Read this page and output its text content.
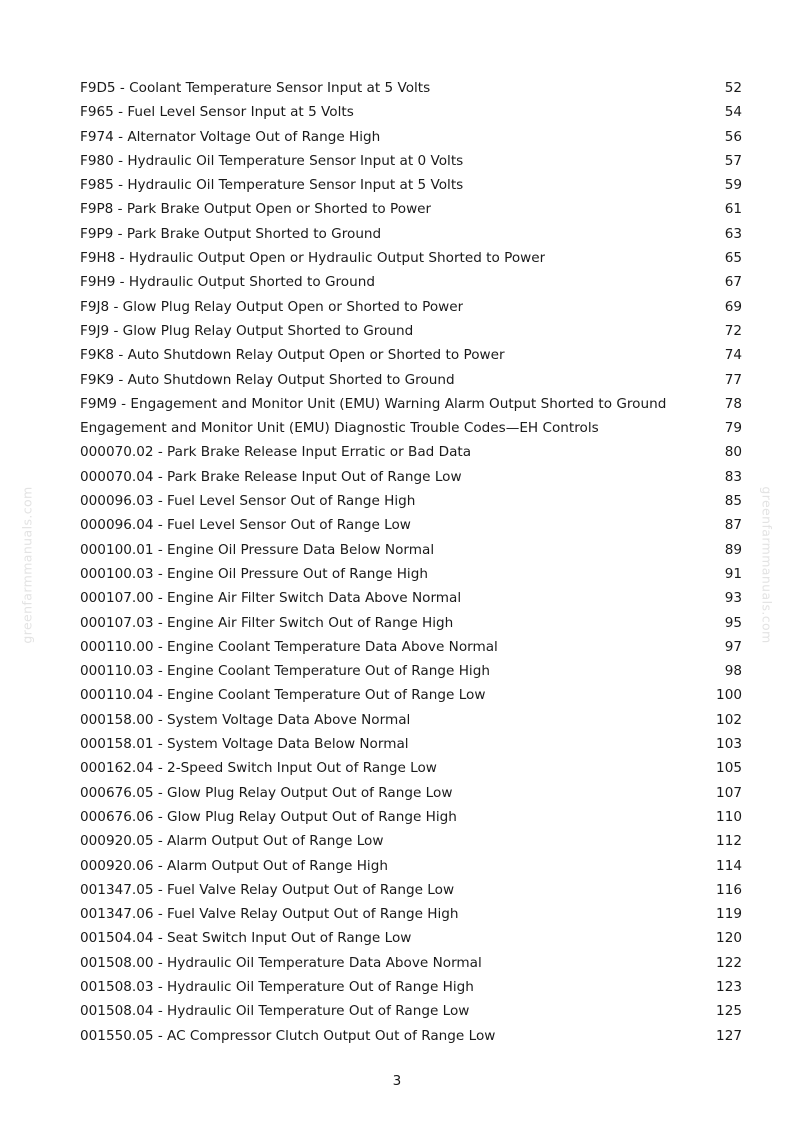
greenfarmmanuals.com	greenfarmmanuals.com
F9D5 - Coolant Temperature Sensor Input at 5 Volts	52
F965 - Fuel Level Sensor Input at 5 Volts	54
F974 - Alternator Voltage Out of Range High	56
F980 - Hydraulic Oil Temperature Sensor Input at 0 Volts	57
F985 - Hydraulic Oil Temperature Sensor Input at 5 Volts	59
F9P8 - Park Brake Output Open or Shorted to Power	61
F9P9 - Park Brake Output Shorted to Ground	63
F9H8 - Hydraulic Output Open or Hydraulic Output Shorted to Power	65
F9H9 - Hydraulic Output Shorted to Ground	67
F9J8 - Glow Plug Relay Output Open or Shorted to Power	69
F9J9 - Glow Plug Relay Output Shorted to Ground	72
F9K8 - Auto Shutdown Relay Output Open or Shorted to Power	74
F9K9 - Auto Shutdown Relay Output Shorted to Ground	77
F9M9 - Engagement and Monitor Unit (EMU) Warning Alarm Output Shorted to Ground	78
Engagement and Monitor Unit (EMU) Diagnostic Trouble Codes—EH Controls	79
000070.02 - Park Brake Release Input Erratic or Bad Data	80
000070.04 - Park Brake Release Input Out of Range Low	83
000096.03 - Fuel Level Sensor Out of Range High	85
000096.04 - Fuel Level Sensor Out of Range Low	87
000100.01 - Engine Oil Pressure Data Below Normal	89
000100.03 - Engine Oil Pressure Out of Range High	91
000107.00 - Engine Air Filter Switch Data Above Normal	93
000107.03 - Engine Air Filter Switch Out of Range High	95
000110.00 - Engine Coolant Temperature Data Above Normal	97
000110.03 - Engine Coolant Temperature Out of Range High	98
000110.04 - Engine Coolant Temperature Out of Range Low	100
000158.00 - System Voltage Data Above Normal	102
000158.01 - System Voltage Data Below Normal	103
000162.04 - 2-Speed Switch Input Out of Range Low	105
000676.05 - Glow Plug Relay Output Out of Range Low	107
000676.06 - Glow Plug Relay Output Out of Range High	110
000920.05 - Alarm Output Out of Range Low	112
000920.06 - Alarm Output Out of Range High	114
001347.05 - Fuel Valve Relay Output Out of Range Low	116
001347.06 - Fuel Valve Relay Output Out of Range High	119
001504.04 - Seat Switch Input Out of Range Low	120
001508.00 - Hydraulic Oil Temperature Data Above Normal	122
001508.03 - Hydraulic Oil Temperature Out of Range High	123
001508.04 - Hydraulic Oil Temperature Out of Range Low	125
001550.05 - AC Compressor Clutch Output Out of Range Low	127
3
